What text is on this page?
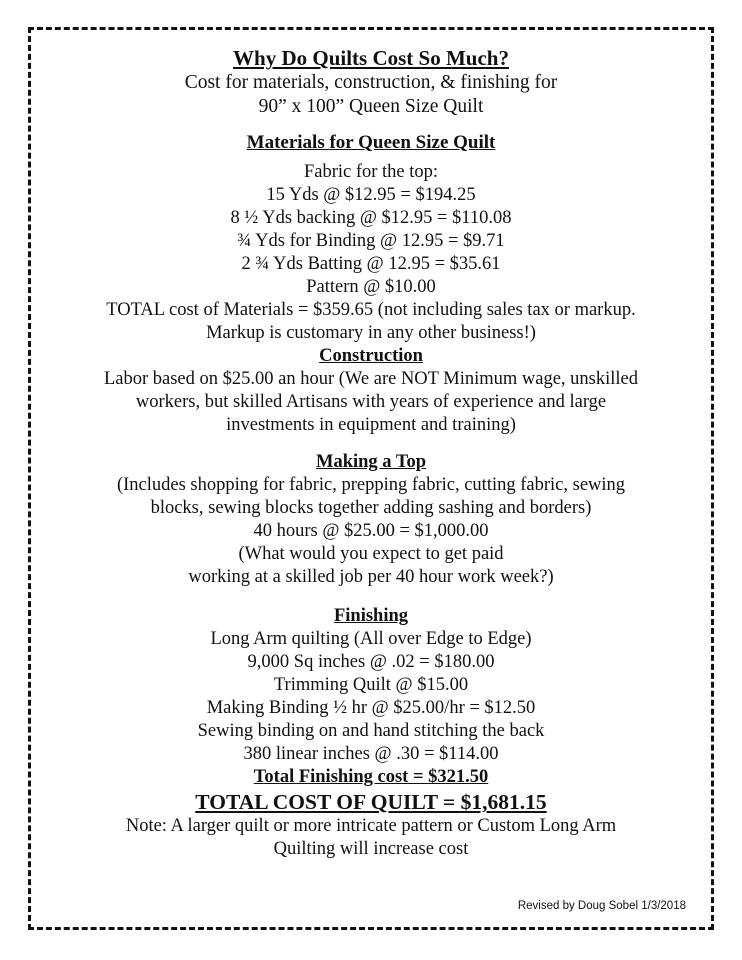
Why Do Quilts Cost So Much?
Cost for materials, construction, & finishing for
90” x 100” Queen Size Quilt
Materials for Queen Size Quilt
Fabric for the top:
15 Yds @ $12.95 = $194.25
8 ½ Yds backing @ $12.95 = $110.08
¾ Yds for Binding @ 12.95 = $9.71
2 ¾ Yds Batting @ 12.95 = $35.61
Pattern @ $10.00
TOTAL cost of Materials = $359.65 (not including sales tax or markup.
Markup is customary in any other business!)
Construction
Labor based on $25.00 an hour (We are NOT Minimum wage, unskilled
workers, but skilled Artisans with years of experience and large
investments in equipment and training)
Making a Top
(Includes shopping for fabric, prepping fabric, cutting fabric, sewing
blocks, sewing blocks together adding sashing and borders)
40 hours @ $25.00 = $1,000.00
(What would you expect to get paid
working at a skilled job per 40 hour work week?)
Finishing
Long Arm quilting (All over Edge to Edge)
9,000 Sq inches @ .02 = $180.00
Trimming Quilt @ $15.00
Making Binding ½ hr @ $25.00/hr = $12.50
Sewing binding on and hand stitching the back
380 linear inches @ .30 = $114.00
Total Finishing cost = $321.50
TOTAL COST OF QUILT = $1,681.15
Note: A larger quilt or more intricate pattern or Custom Long Arm
Quilting will increase cost
Revised by Doug Sobel 1/3/2018
